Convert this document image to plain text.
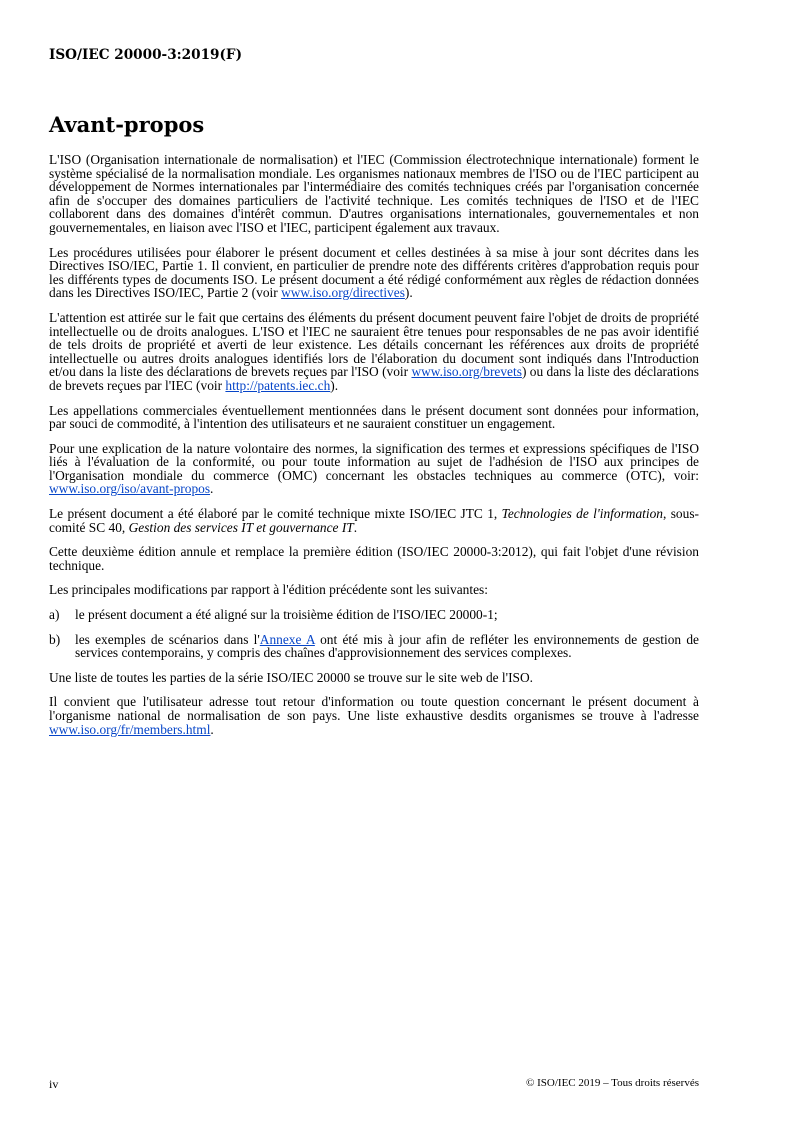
ISO/IEC 20000-3:2019(F)
Avant-propos

L'ISO (Organisation internationale de normalisation) et l'IEC (Commission électrotechnique internationale) forment le système spécialisé de la normalisation mondiale. Les organismes nationaux membres de l'ISO ou de l'IEC participent au développement de Normes internationales par l'intermédiaire des comités techniques créés par l'organisation concernée afin de s'occuper des domaines particuliers de l'activité technique. Les comités techniques de l'ISO et de l'IEC collaborent dans des domaines d'intérêt commun. D'autres organisations internationales, gouvernementales et non gouvernementales, en liaison avec l'ISO et l'IEC, participent également aux travaux.

Les procédures utilisées pour élaborer le présent document et celles destinées à sa mise à jour sont décrites dans les Directives ISO/IEC, Partie 1. Il convient, en particulier de prendre note des différents critères d'approbation requis pour les différents types de documents ISO. Le présent document a été rédigé conformément aux règles de rédaction données dans les Directives ISO/IEC, Partie 2 (voir www.iso.org/directives).

L'attention est attirée sur le fait que certains des éléments du présent document peuvent faire l'objet de droits de propriété intellectuelle ou de droits analogues. L'ISO et l'IEC ne sauraient être tenues pour responsables de ne pas avoir identifié de tels droits de propriété et averti de leur existence. Les détails concernant les références aux droits de propriété intellectuelle ou autres droits analogues identifiés lors de l'élaboration du document sont indiqués dans l'Introduction et/ou dans la liste des déclarations de brevets reçues par l'ISO (voir www.iso.org/brevets) ou dans la liste des déclarations de brevets reçues par l'IEC (voir http://patents.iec.ch).

Les appellations commerciales éventuellement mentionnées dans le présent document sont données pour information, par souci de commodité, à l'intention des utilisateurs et ne sauraient constituer un engagement.

Pour une explication de la nature volontaire des normes, la signification des termes et expressions spécifiques de l'ISO liés à l'évaluation de la conformité, ou pour toute information au sujet de l'adhésion de l'ISO aux principes de l'Organisation mondiale du commerce (OMC) concernant les obstacles techniques au commerce (OTC), voir: www.iso.org/iso/avant-propos.

Le présent document a été élaboré par le comité technique mixte ISO/IEC JTC 1, Technologies de l'information, sous-comité SC 40, Gestion des services IT et gouvernance IT.

Cette deuxième édition annule et remplace la première édition (ISO/IEC 20000-3:2012), qui fait l'objet d'une révision technique.

Les principales modifications par rapport à l'édition précédente sont les suivantes:

a)	le présent document a été aligné sur la troisième édition de l'ISO/IEC 20000-1;
b)	les exemples de scénarios dans l'Annexe A ont été mis à jour afin de refléter les environnements de gestion de services contemporains, y compris des chaînes d'approvisionnement des services complexes.

Une liste de toutes les parties de la série ISO/IEC 20000 se trouve sur le site web de l'ISO.

Il convient que l'utilisateur adresse tout retour d'information ou toute question concernant le présent document à l'organisme national de normalisation de son pays. Une liste exhaustive desdits organismes se trouve à l'adresse www.iso.org/fr/members.html.

iv	© ISO/IEC 2019 – Tous droits réservés
